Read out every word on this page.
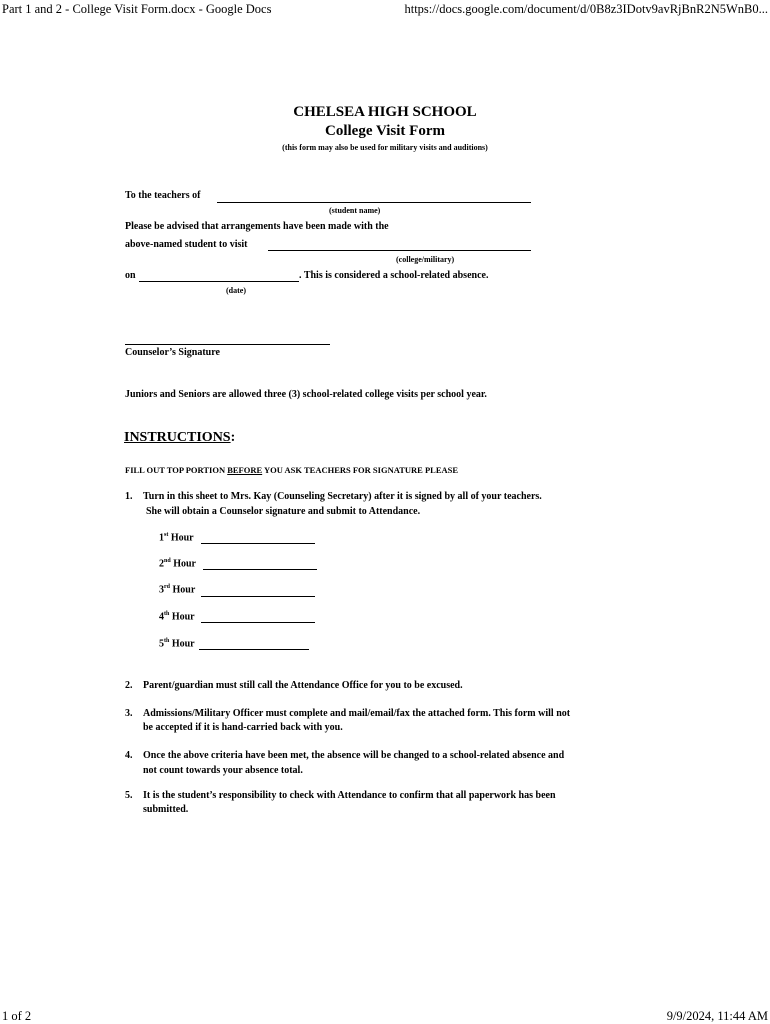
Part 1 and 2 - College Visit Form.docx - Google Docs	https://docs.google.com/document/d/0B8z3IDotv9avRjBnR2N5WnB0...
CHELSEA HIGH SCHOOL
College Visit Form
(this form may also be used for military visits and auditions)
To the teachers of
(student name)
Please be advised that arrangements have been made with the
above-named student to visit
(college/military)
on	. This is considered a school-related absence.
(date)
Counselor’s Signature
Juniors and Seniors are allowed three (3) school-related college visits per school year.
INSTRUCTIONS:
FILL OUT TOP PORTION BEFORE YOU ASK TEACHERS FOR SIGNATURE PLEASE
1. Turn in this sheet to Mrs. Kay (Counseling Secretary) after it is signed by all of your teachers.
She will obtain a Counselor signature and submit to Attendance.
1st Hour
2nd Hour
3rd Hour
4th Hour
5th Hour
2. Parent/guardian must still call the Attendance Office for you to be excused.
3. Admissions/Military Officer must complete and mail/email/fax the attached form. This form will not
be accepted if it is hand-carried back with you.
4. Once the above criteria have been met, the absence will be changed to a school-related absence and
not count towards your absence total.
5. It is the student’s responsibility to check with Attendance to confirm that all paperwork has been
submitted.
1 of 2	9/9/2024, 11:44 AM
